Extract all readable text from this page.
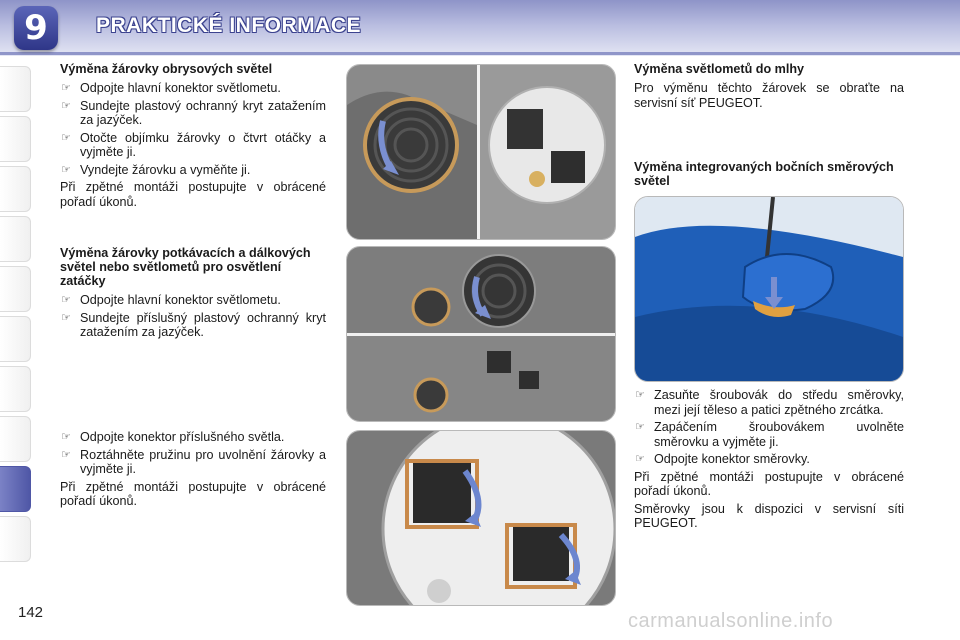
9	PRAKTICKÉ INFORMACE
Výměna žárovky obrysových světel
☞ Odpojte hlavní konektor světlometu.
☞ Sundejte plastový ochranný kryt zatažením za jazýček.
☞ Otočte objímku žárovky o čtvrt otáčky a vyjměte ji.
☞ Vyndejte žárovku a vyměňte ji.

Při zpětné montáži postupujte v obrácené pořadí úkonů.

Výměna žárovky potkávacích a dálkových světel nebo světlometů pro osvětlení zatáčky
☞ Odpojte hlavní konektor světlometu.
☞ Sundejte příslušný plastový ochranný kryt zatažením za jazýček.
☞ Odpojte konektor příslušného světla.
☞ Roztáhněte pružinu pro uvolnění žárovky a vyjměte ji.

Při zpětné montáži postupujte v obrácené pořadí úkonů.

Výměna světlometů do mlhy

Pro výměnu těchto žárovek se obraťte na servisní síť PEUGEOT.

Výměna integrovaných bočních směrových světel
☞ Zasuňte šroubovák do středu směrovky, mezi její těleso a patici zpětného zrcátka.
☞ Zapáčením šroubovákem uvolněte směrovku a vyjměte ji.
☞ Odpojte konektor směrovky.

Při zpětné montáži postupujte v obrácené pořadí úkonů.

Směrovky jsou k dispozici v servisní síti PEUGEOT.

142	carmanualsonline.info
